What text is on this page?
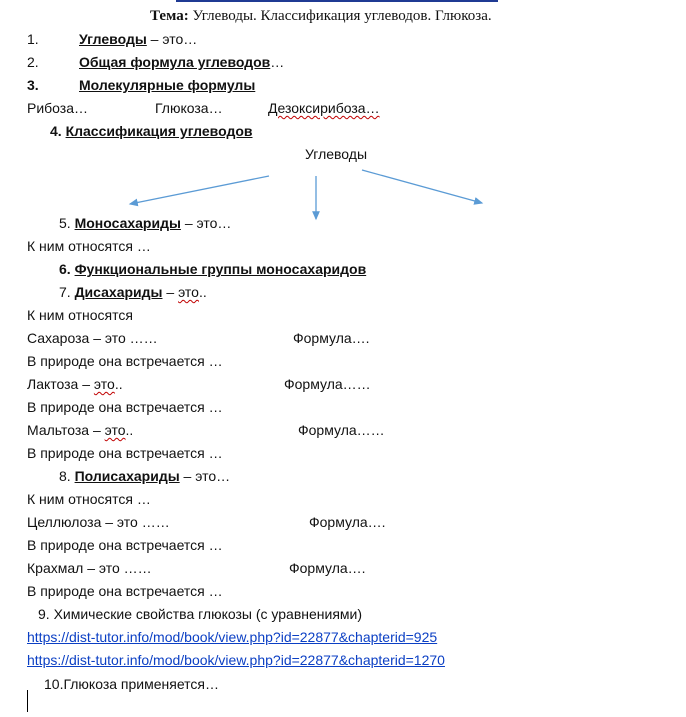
Тема: Углеводы. Классификация углеводов. Глюкоза.
1.	Углеводы – это…
2.	Общая формула углеводов…
3.	Молекулярные формулы
Рибоза…	Глюкоза…	Дезоксирибоза…
4. Классификация углеводов
Углеводы
5. Моносахариды – это…
К ним относятся …
6. Функциональные группы моносахаридов
7. Дисахариды – это..
К ним относятся
Сахароза – это ……	Формула….
В природе она встречается …
Лактоза – это..	Формула……
В природе она встречается …
Мальтоза – это..	Формула……
В природе она встречается …
8. Полисахариды – это…
К ним относятся …
Целлюлоза – это ……	Формула….
В природе она встречается …
Крахмал – это ……	Формула….
В природе она встречается …
9. Химические свойства глюкозы (с уравнениями)
https://dist-tutor.info/mod/book/view.php?id=22877&chapterid=925
https://dist-tutor.info/mod/book/view.php?id=22877&chapterid=1270
10.Глюкоза применяется…
